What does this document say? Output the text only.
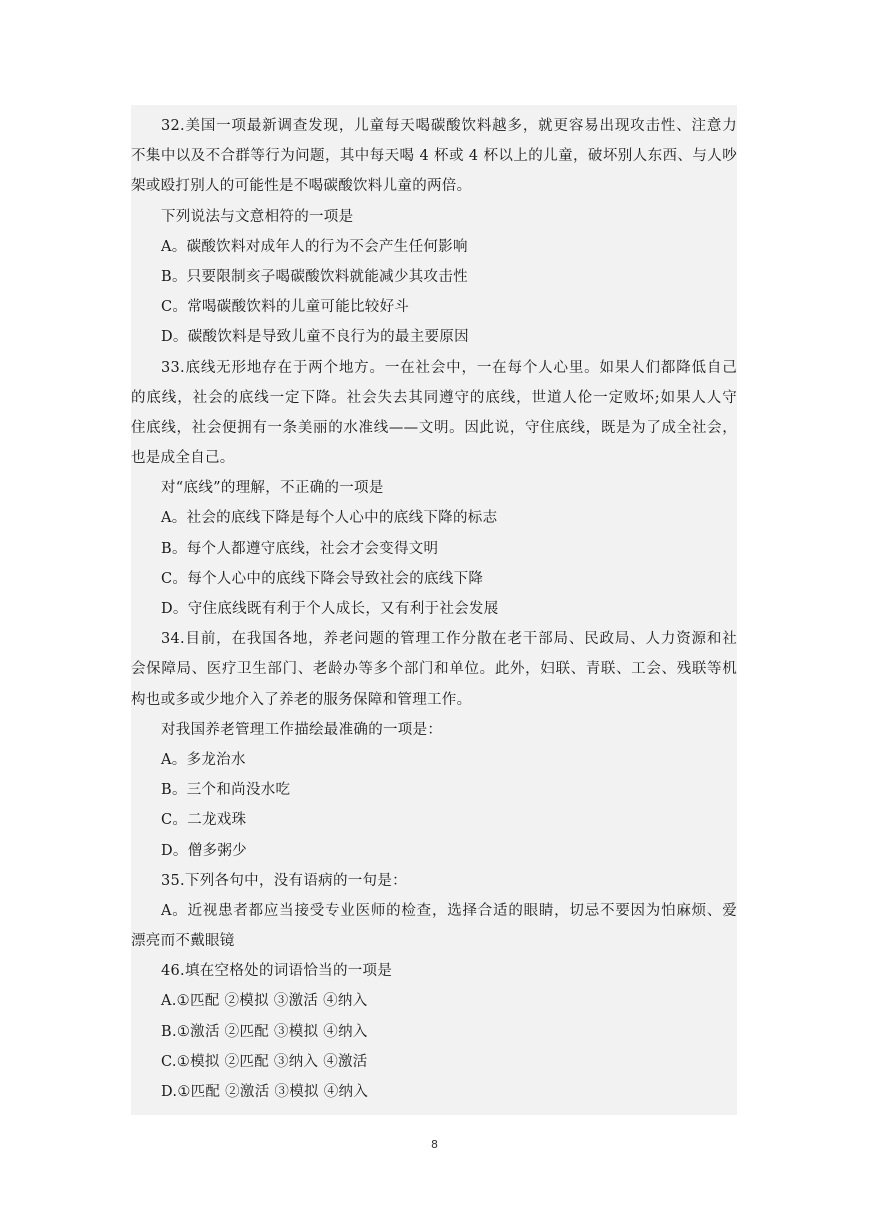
32.美国一项最新调查发现，儿童每天喝碳酸饮料越多，就更容易出现攻击性、注意力
不集中以及不合群等行为问题，其中每天喝 4 杯或 4 杯以上的儿童，破坏别人东西、与人吵
架或殴打别人的可能性是不喝碳酸饮料儿童的两倍。
下列说法与文意相符的一项是
A。碳酸饮料对成年人的行为不会产生任何影响
B。只要限制亥子喝碳酸饮料就能减少其攻击性
C。常喝碳酸饮料的儿童可能比较好斗
D。碳酸饮料是导致儿童不良行为的最主要原因
33.底线无形地存在于两个地方。一在社会中，一在每个人心里。如果人们都降低自己
的底线，社会的底线一定下降。社会失去其同遵守的底线，世道人伦一定败坏;如果人人守
住底线，社会便拥有一条美丽的水准线——文明。因此说，守住底线，既是为了成全社会，
也是成全自己。
对“底线”的理解，不正确的一项是
A。社会的底线下降是每个人心中的底线下降的标志
B。每个人都遵守底线，社会才会变得文明
C。每个人心中的底线下降会导致社会的底线下降
D。守住底线既有利于个人成长，又有利于社会发展
34.目前，在我国各地，养老问题的管理工作分散在老干部局、民政局、人力资源和社
会保障局、医疗卫生部门、老龄办等多个部门和单位。此外，妇联、青联、工会、残联等机
构也或多或少地介入了养老的服务保障和管理工作。
对我国养老管理工作描绘最准确的一项是：
A。多龙治水
B。三个和尚没水吃
C。二龙戏珠
D。僧多粥少
35.下列各句中，没有语病的一句是：
A。近视患者都应当接受专业医师的检查，选择合适的眼睛，切忌不要因为怕麻烦、爱
漂亮而不戴眼镜
46.填在空格处的词语恰当的一项是
A.①匹配 ②模拟 ③激活 ④纳入
B.①激活 ②匹配 ③模拟 ④纳入
C.①模拟 ②匹配 ③纳入 ④激活
D.①匹配 ②激活 ③模拟 ④纳入
8
